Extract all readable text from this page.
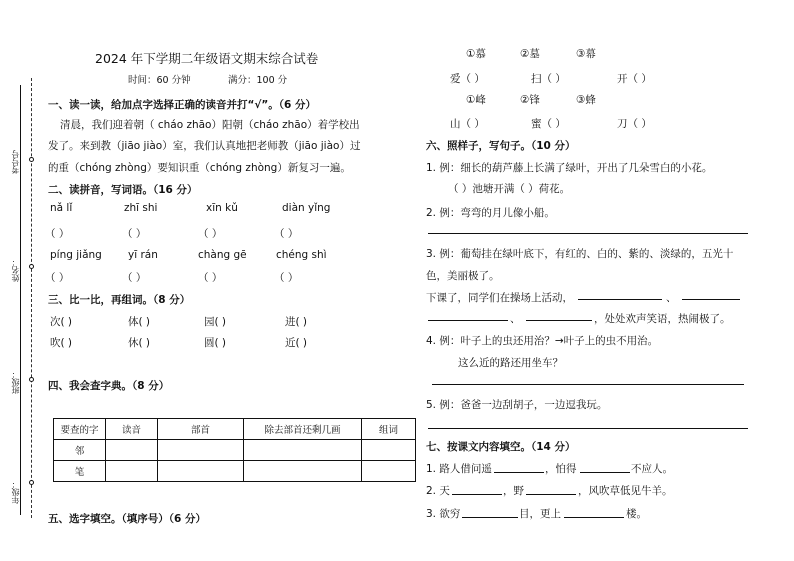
考号号
姓名：
班级：
年级：
2024 年下学期二年级语文期末综合试卷
时间：60 分钟	满分：100 分
一、读一读，给加点字选择正确的读音并打“√”。（6 分）
清晨，我们迎着朝（ cháo zhāo）阳朝（cháo zhāo）着学校出
发了。来到教（jiāo jiào）室，我们认真地把老师教（jiāo jiào）过
的重（chóng zhòng）要知识重（chóng zhòng）新复习一遍。
二、读拼音，写词语。（16 分）
nǎ lǐ	zhī shi	xīn kǔ	diàn yǐng
（ ）	（ ）	（ ）	（ ）
píng jiǎng yī rán	chàng gē	chéng shì
（ ）	（ ）	（ ）	（ ）
三、比一比，再组词。（8 分）
次( )	体( )	园( )	进( )
吹( )	休( )	圆( )	近( )
四、我会查字典。（8 分）
要查的字	读音	部首	除去部首还剩几画	组词
邻				
笔				
五、选字填空。（填序号）（6 分）
①慕	②墓	③幕
爱（ ）	扫（ ）	开（ ）
①峰	②锋	③蜂
山（ ）	蜜（ ）	刀（ ）
六、照样子，写句子。（10 分）
1. 例：细长的葫芦藤上长满了绿叶，开出了几朵雪白的小花。
（ ）池塘开满（ ）荷花。
2. 例：弯弯的月儿像小船。
3. 例：葡萄挂在绿叶底下，有红的、白的、紫的、淡绿的，五光十
色，美丽极了。
下课了，同学们在操场上活动，	、
、	，处处欢声笑语，热闹极了。
4. 例：叶子上的虫还用治？→叶子上的虫不用治。
这么近的路还用坐车？
5. 例：爸爸一边刮胡子，一边逗我玩。
七、按课文内容填空。（14 分）
1. 路人借问遥	，怕得	不应人。
2. 天	，野	，风吹草低见牛羊。
3. 欲穷	目，更上	楼。
